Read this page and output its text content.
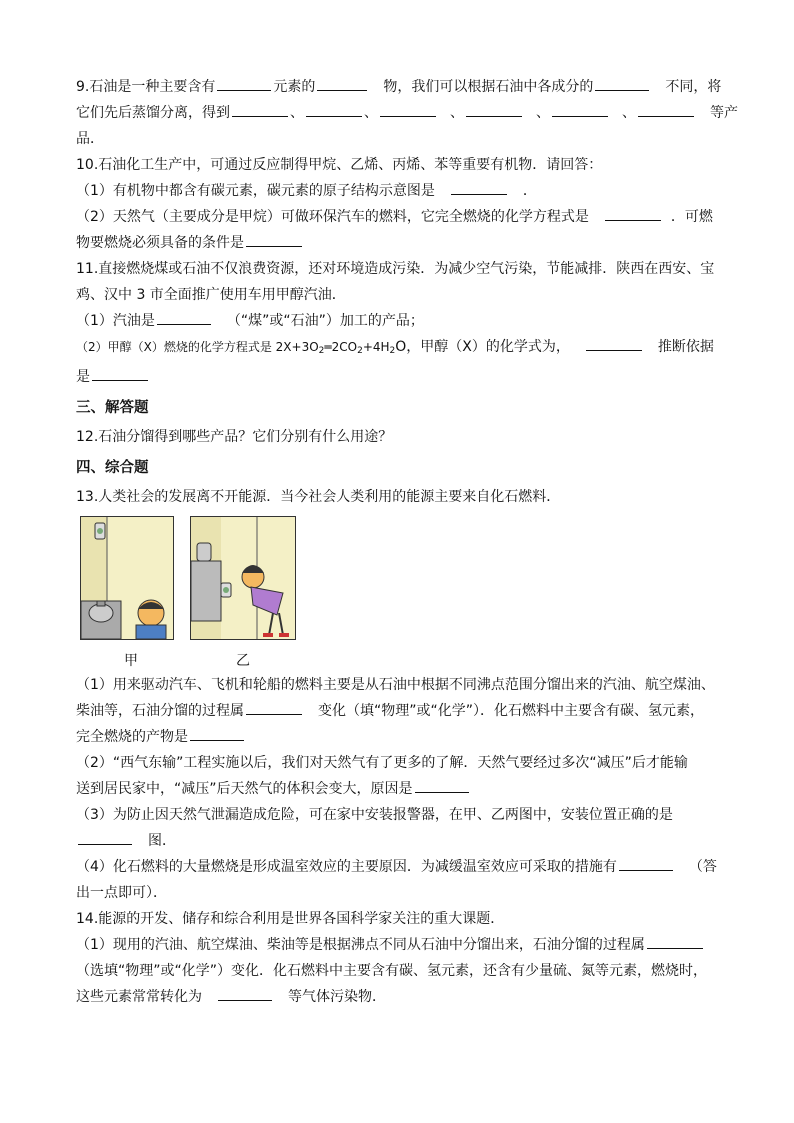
9.石油是一种主要含有	元素的	物，我们可以根据石油中各成分的	不同，将
它们先后蒸馏分离，得到	、	、	、	、	、	等产
品．
10.石油化工生产中，可通过反应制得甲烷、乙烯、丙烯、苯等重要有机物．请回答：
（1）有机物中都含有碳元素，碳元素的原子结构示意图是	．
（2）天然气（主要成分是甲烷）可做环保汽车的燃料，它完全燃烧的化学方程式是	．可燃
物要燃烧必须具备的条件是
11.直接燃烧煤或石油不仅浪费资源，还对环境造成污染．为减少空气污染，节能减排．陕西在西安、宝
鸡、汉中 3 市全面推广使用车用甲醇汽油．
（1）汽油是	（“煤”或“石油”）加工的产品；
（2）甲醇（X）燃烧的化学方程式是 $2X+3O_2═2CO_2+4H_2O$，甲醇（X）的化学式为，	推断依据
是
三、解答题
12.石油分馏得到哪些产品？它们分别有什么用途？
四、综合题
13.人类社会的发展离不开能源．当今社会人类利用的能源主要来自化石燃料．
甲	乙
（1）用来驱动汽车、飞机和轮船的燃料主要是从石油中根据不同沸点范围分馏出来的汽油、航空煤油、
柴油等，石油分馏的过程属	变化（填“物理”或“化学”）．化石燃料中主要含有碳、氢元素，
完全燃烧的产物是
（2）“西气东输”工程实施以后，我们对天然气有了更多的了解．天然气要经过多次“减压”后才能输
送到居民家中，“减压”后天然气的体积会变大，原因是
（3）为防止因天然气泄漏造成危险，可在家中安装报警器，在甲、乙两图中，安装位置正确的是
图．
（4）化石燃料的大量燃烧是形成温室效应的主要原因．为减缓温室效应可采取的措施有	（答
出一点即可）．
14.能源的开发、储存和综合利用是世界各国科学家关注的重大课题．
（1）现用的汽油、航空煤油、柴油等是根据沸点不同从石油中分馏出来，石油分馏的过程属
（选填“物理”或“化学”）变化．化石燃料中主要含有碳、氢元素，还含有少量硫、氮等元素，燃烧时，
这些元素常常转化为	等气体污染物．
